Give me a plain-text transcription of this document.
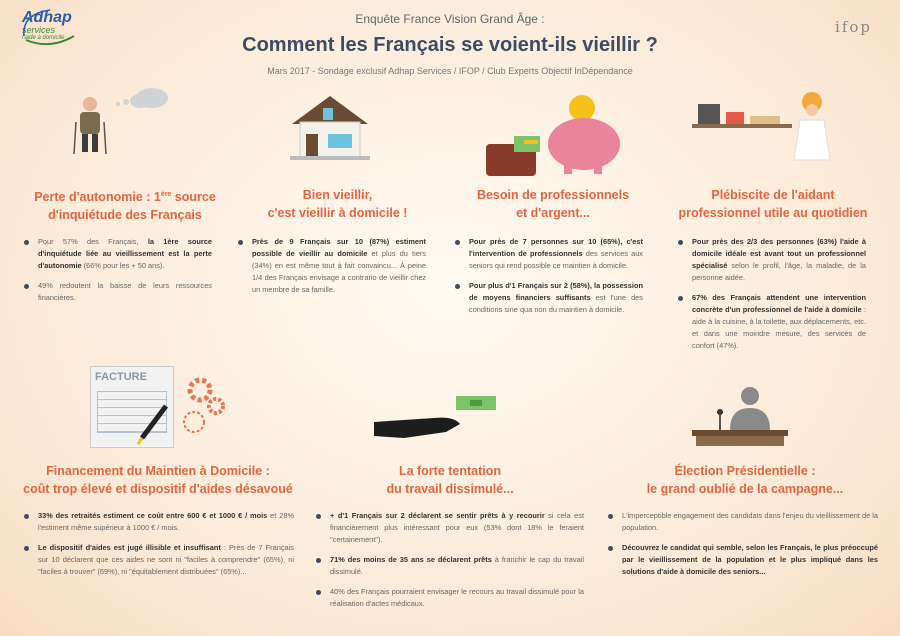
Adhap
services
l'aide à domicile
ifop
Enquête France Vision Grand Âge :
Comment les Français se voient-ils vieillir ?
Mars 2017 - Sondage exclusif Adhap Services / IFOP / Club Experts Objectif InDépendance
Perte d'autonomie : 1ère source
d'inquiétude des Français
Pour 57% des Français, la 1ère source d'inquiétude liée au vieillissement est la perte d'autonomie (66% pour les + 50 ans).
49% redoutent la baisse de leurs ressources financières.
Bien vieillir,
c'est vieillir à domicile !
Près de 9 Français sur 10 (87%) estiment possible de vieillir au domicile et plus du tiers (34%) en est même tout à fait convaincu... À peine 1/4 des Français envisage a contrario de vieillir chez un membre de sa famille.
Besoin de professionnels
et d'argent...
Pour près de 7 personnes sur 10 (65%), c'est l'intervention de professionnels des services aux seniors qui rend possible ce maintien à domicile.
Pour plus d'1 Français sur 2 (58%), la possession de moyens financiers suffisants est l'une des conditions sine qua non du maintien à domicile.
Plébiscite de l'aidant
professionnel utile au quotidien
Pour près des 2/3 des personnes (63%) l'aide à domicile idéale est avant tout un professionnel spécialisé selon le profil, l'âge, la maladie, de la personne aidée.
67% des Français attendent une intervention concrète d'un professionnel de l'aide à domicile : aide à la cuisine, à la toilette, aux déplacements, etc. et dans une moindre mesure, des services de confort (47%).
FACTURE
Financement du Maintien à Domicile :
coût trop élevé et dispositif d'aides désavoué
33% des retraités estiment ce coût entre 600 € et 1000 € / mois et 28% l'estiment même supérieur à 1000 € / mois.
Le dispositif d'aides est jugé illisible et insuffisant : Près de 7 Français sur 10 déclarent que ces aides ne sont ni "faciles à comprendre" (65%), ni "faciles à trouver" (69%), ni "équitablement distribuées" (65%)...
La forte tentation
du travail dissimulé...
+ d'1 Français sur 2 déclarent se sentir prêts à y recourir si cela est financièrement plus intéressant pour eux (53% dont 18% le feraient "certainement").
71% des moins de 35 ans se déclarent prêts à franchir le cap du travail dissimulé.
40% des Français pourraient envisager le recours au travail dissimulé pour la réalisation d'actes médicaux.
Élection Présidentielle :
le grand oublié de la campagne...
L'imperceptible engagement des candidats dans l'enjeu du vieillissement de la population.
Découvrez le candidat qui semble, selon les Français, le plus préoccupé par le vieillissement de la population et le plus impliqué dans les solutions d'aide à domicile des seniors...
